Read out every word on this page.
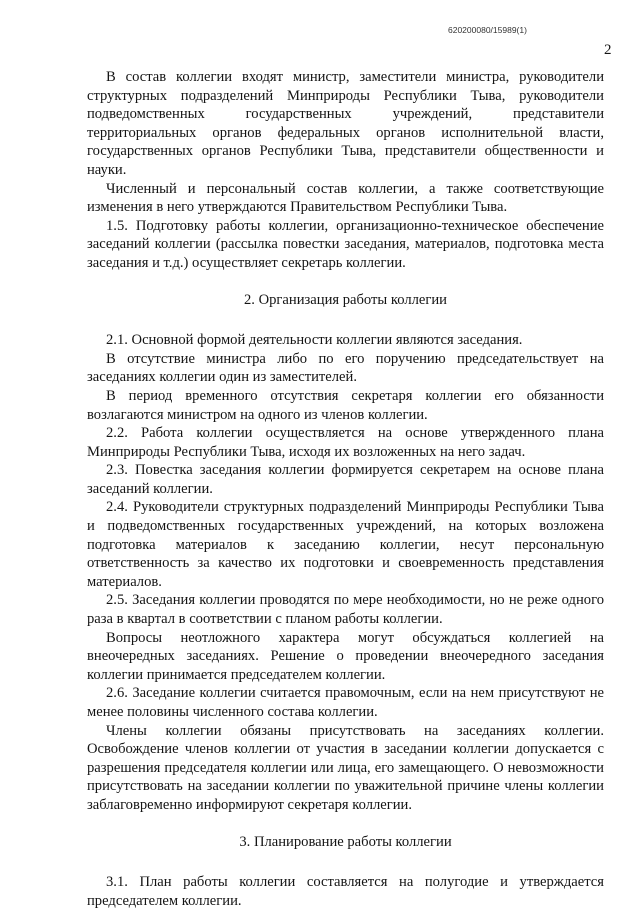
620200080/15989(1)
2

В состав коллегии входят министр, заместители министра, руководители структурных подразделений Минприроды Республики Тыва, руководители подведомственных государственных учреждений, представители территориальных органов федеральных органов исполнительной власти, государственных органов Республики Тыва, представители общественности и науки.

Численный и персональный состав коллегии, а также соответствующие изменения в него утверждаются Правительством Республики Тыва.

1.5. Подготовку работы коллегии, организационно-техническое обеспечение заседаний коллегии (рассылка повестки заседания, материалов, подготовка места заседания и т.д.) осуществляет секретарь коллегии.

2. Организация работы коллегии

2.1. Основной формой деятельности коллегии являются заседания.

В отсутствие министра либо по его поручению председательствует на заседаниях коллегии один из заместителей.

В период временного отсутствия секретаря коллегии его обязанности возлагаются министром на одного из членов коллегии.

2.2. Работа коллегии осуществляется на основе утвержденного плана Минприроды Республики Тыва, исходя их возложенных на него задач.

2.3. Повестка заседания коллегии формируется секретарем на основе плана заседаний коллегии.

2.4. Руководители структурных подразделений Минприроды Республики Тыва и подведомственных государственных учреждений, на которых возложена подготовка материалов к заседанию коллегии, несут персональную ответственность за качество их подготовки и своевременность представления материалов.

2.5. Заседания коллегии проводятся по мере необходимости, но не реже одного раза в квартал в соответствии с планом работы коллегии.

Вопросы неотложного характера могут обсуждаться коллегией на внеочередных заседаниях. Решение о проведении внеочередного заседания коллегии принимается председателем коллегии.

2.6. Заседание коллегии считается правомочным, если на нем присутствуют не менее половины численного состава коллегии.

Члены коллегии обязаны присутствовать на заседаниях коллегии. Освобождение членов коллегии от участия в заседании коллегии допускается с разрешения председателя коллегии или лица, его замещающего. О невозможности присутствовать на заседании коллегии по уважительной причине члены коллегии заблаговременно информируют секретаря коллегии.

3. Планирование работы коллегии

3.1. План работы коллегии составляется на полугодие и утверждается председателем коллегии.
